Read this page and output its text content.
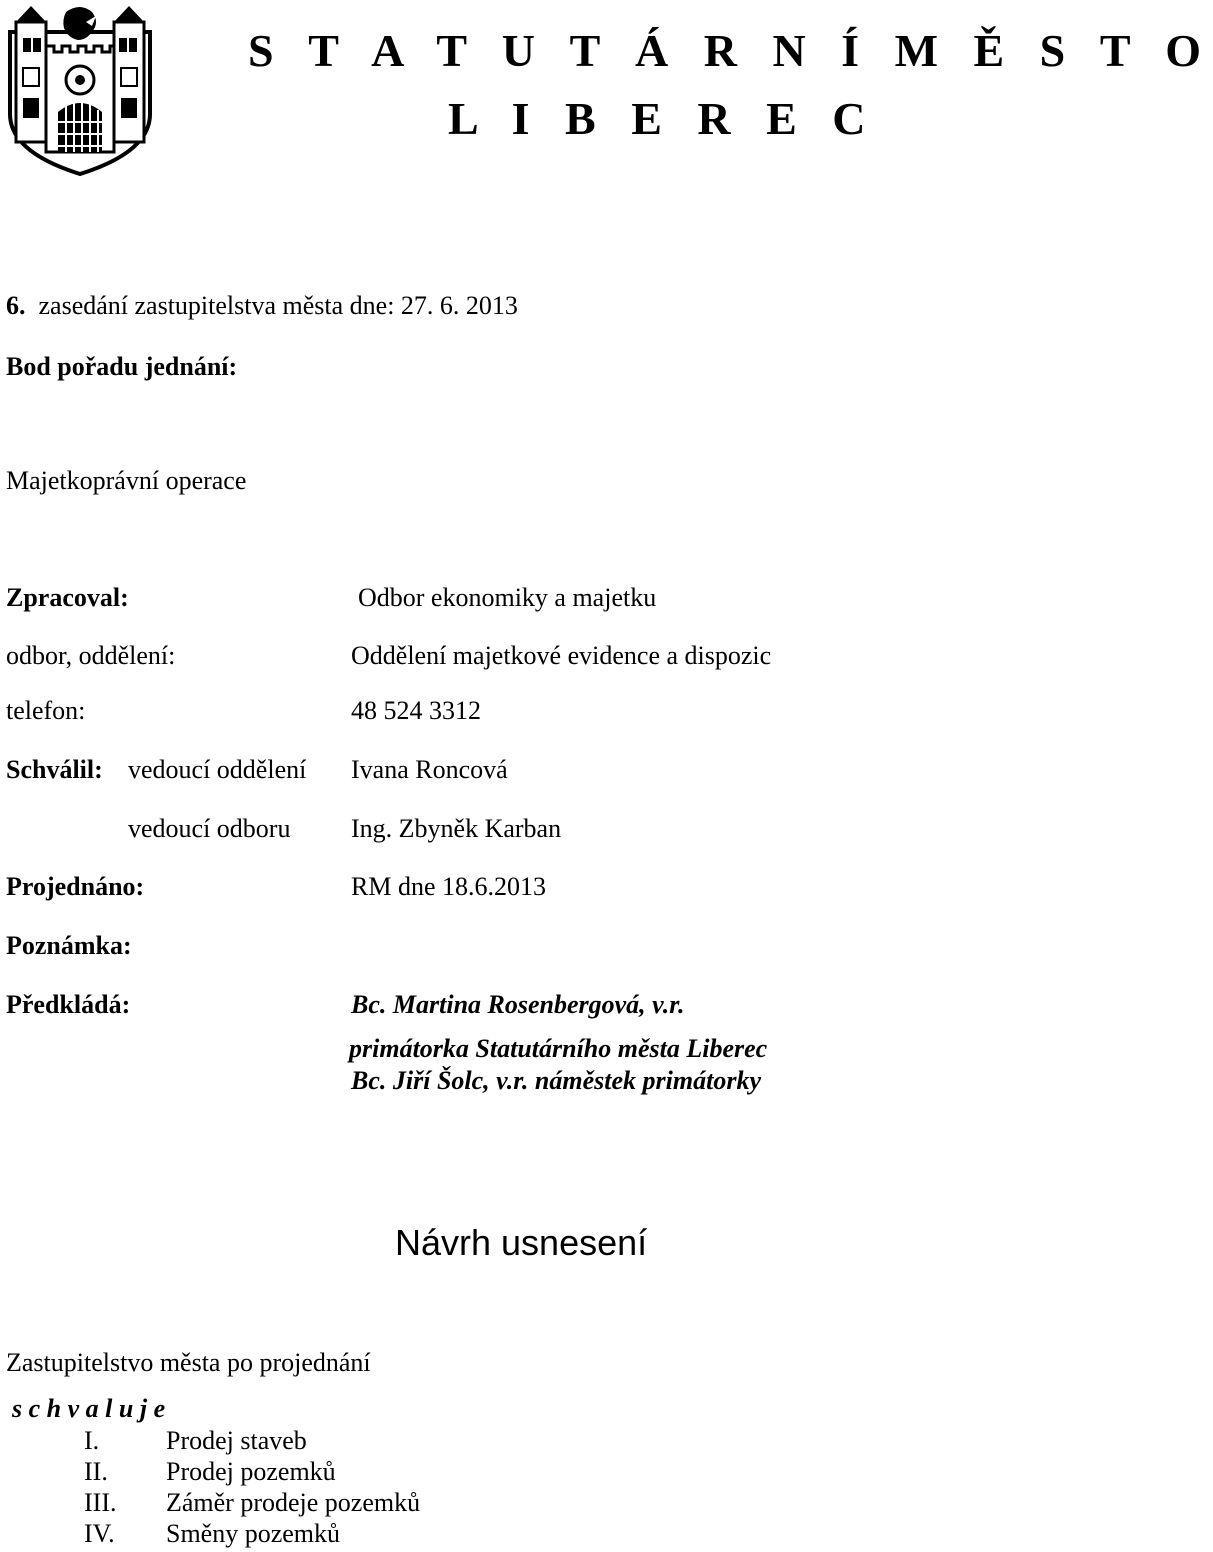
S T A T U T Á R N Í M Ě S T O
L I B E R E C
6. zasedání zastupitelstva města dne: 27. 6. 2013
Bod pořadu jednání:
Majetkoprávní operace
Zpracoval:	Odbor ekonomiky a majetku
odbor, oddělení:	Oddělení majetkové evidence a dispozic
telefon:	48 524 3312
Schválil: vedoucí oddělení Ivana Roncová
vedoucí odboru Ing. Zbyněk Karban
Projednáno:	RM dne 18.6.2013
Poznámka:
Předkládá:	Bc. Martina Rosenbergová, v.r.
primátorka Statutárního města Liberec
Bc. Jiří Šolc, v.r. náměstek primátorky
Návrh usnesení
Zastupitelstvo města po projednání
s c h v a l u j e
I.	Prodej staveb
II. Prodej pozemků
III. Záměr prodeje pozemků
IV. Směny pozemků
